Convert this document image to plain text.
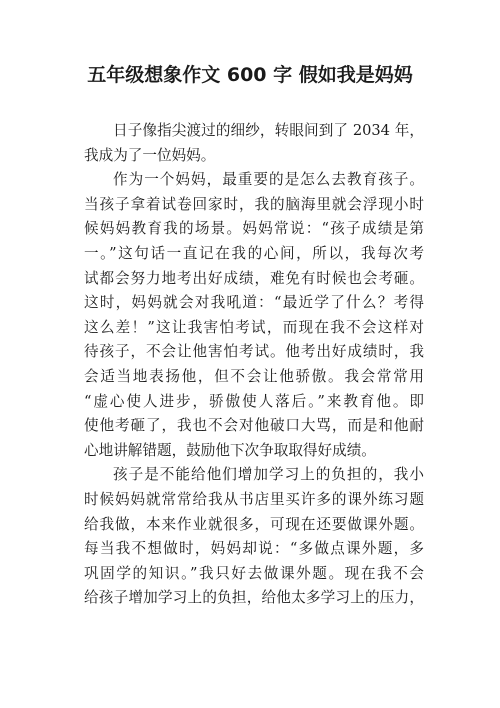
五年级想象作文 600 字 假如我是妈妈
日子像指尖渡过的细纱，转眼间到了 2034 年，
我成为了一位妈妈。
作为一个妈妈，最重要的是怎么去教育孩子。
当孩子拿着试卷回家时，我的脑海里就会浮现小时
候妈妈教育我的场景。妈妈常说：“孩子成绩是第
一。”这句话一直记在我的心间，所以，我每次考
试都会努力地考出好成绩，难免有时候也会考砸。
这时，妈妈就会对我吼道：“最近学了什么？考得
这么差！”这让我害怕考试，而现在我不会这样对
待孩子，不会让他害怕考试。他考出好成绩时，我
会适当地表扬他，但不会让他骄傲。我会常常用
“虚心使人进步，骄傲使人落后。”来教育他。即
使他考砸了，我也不会对他破口大骂，而是和他耐
心地讲解错题，鼓励他下次争取取得好成绩。
孩子是不能给他们增加学习上的负担的，我小
时候妈妈就常常给我从书店里买许多的课外练习题
给我做，本来作业就很多，可现在还要做课外题。
每当我不想做时，妈妈却说：“多做点课外题，多
巩固学的知识。”我只好去做课外题。现在我不会
给孩子增加学习上的负担，给他太多学习上的压力，
